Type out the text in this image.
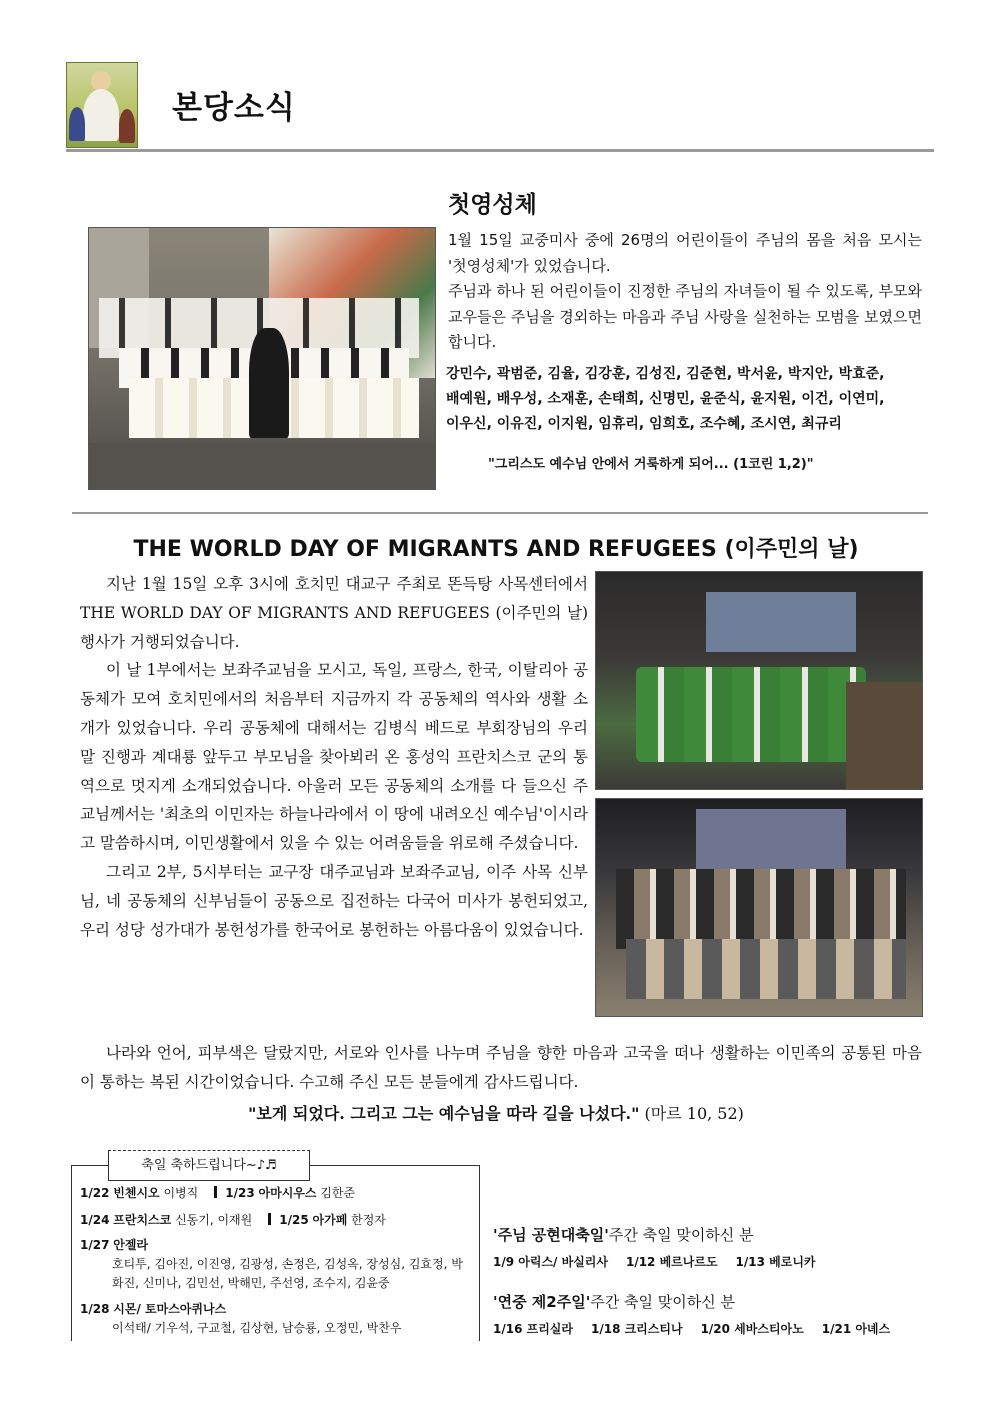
본당소식
첫영성체
1월 15일 교중미사 중에 26명의 어린이들이 주님의 몸을 처음 모시는 '첫영성체'가 있었습니다.
주님과 하나 된 어린이들이 진정한 주님의 자녀들이 될 수 있도록, 부모와 교우들은 주님을 경외하는 마음과 주님 사랑을 실천하는 모범을 보였으면 합니다.
강민수, 곽범준, 김율, 김강훈, 김성진, 김준현, 박서윤, 박지안, 박효준,
배예원, 배우성, 소재훈, 손태희, 신명민, 윤준식, 윤지원, 이건, 이연미,
이우신, 이유진, 이지원, 임휴리, 임희호, 조수혜, 조시연, 최규리
"그리스도 예수님 안에서 거룩하게 되어... (1코린 1,2)"
THE WORLD DAY OF MIGRANTS AND REFUGEES (이주민의 날)

지난 1월 15일 오후 3시에 호치민 대교구 주최로 똔득탕 사목센터에서 THE WORLD DAY OF MIGRANTS AND REFUGEES (이주민의 날) 행사가 거행되었습니다.

이 날 1부에서는 보좌주교님을 모시고, 독일, 프랑스, 한국, 이탈리아 공동체가 모여 호치민에서의 처음부터 지금까지 각 공동체의 역사와 생활 소개가 있었습니다. 우리 공동체에 대해서는 김병식 베드로 부회장님의 우리말 진행과 계대룡 앞두고 부모님을 찾아뵈러 온 홍성익 프란치스코 군의 통역으로 멋지게 소개되었습니다. 아울러 모든 공동체의 소개를 다 들으신 주교님께서는 '최초의 이민자는 하늘나라에서 이 땅에 내려오신 예수님'이시라고 말씀하시며, 이민생활에서 있을 수 있는 어려움들을 위로해 주셨습니다.

그리고 2부, 5시부터는 교구장 대주교님과 보좌주교님, 이주 사목 신부님, 네 공동체의 신부님들이 공동으로 집전하는 다국어 미사가 봉헌되었고, 우리 성당 성가대가 봉헌성가를 한국어로 봉헌하는 아름다움이 있었습니다.

나라와 언어, 피부색은 달랐지만, 서로와 인사를 나누며 주님을 향한 마음과 고국을 떠나 생활하는 이민족의 공통된 마음이 통하는 복된 시간이었습니다. 수고해 주신 모든 분들에게 감사드립니다.

"보게 되었다. 그리고 그는 예수님을 따라 길을 나섰다." (마르 10, 52)
축일 축하드립니다~♪♬
1/22 빈첸시오 이병직 1/23 아마시우스 김한준
1/24 프란치스코 신동기, 이재원 1/25 아가페 한정자
1/27 안젤라
호티투, 김아진, 이진영, 김광성, 손정은, 김성옥, 장성심, 김효정, 박화진, 신미나, 김민선, 박해민, 주선영, 조수지, 김윤중
1/28 시몬/ 토마스아퀴나스
이석태/ 기우석, 구교철, 김상현, 남승룡, 오정민, 박찬우
'주님 공현대축일'주간 축일 맞이하신 분
1/9 아릭스/ 바실리사 1/12 베르나르도 1/13 베로니카
'연중 제2주일'주간 축일 맞이하신 분
1/16 프리실라 1/18 크리스티나 1/20 세바스티아노 1/21 아녜스
